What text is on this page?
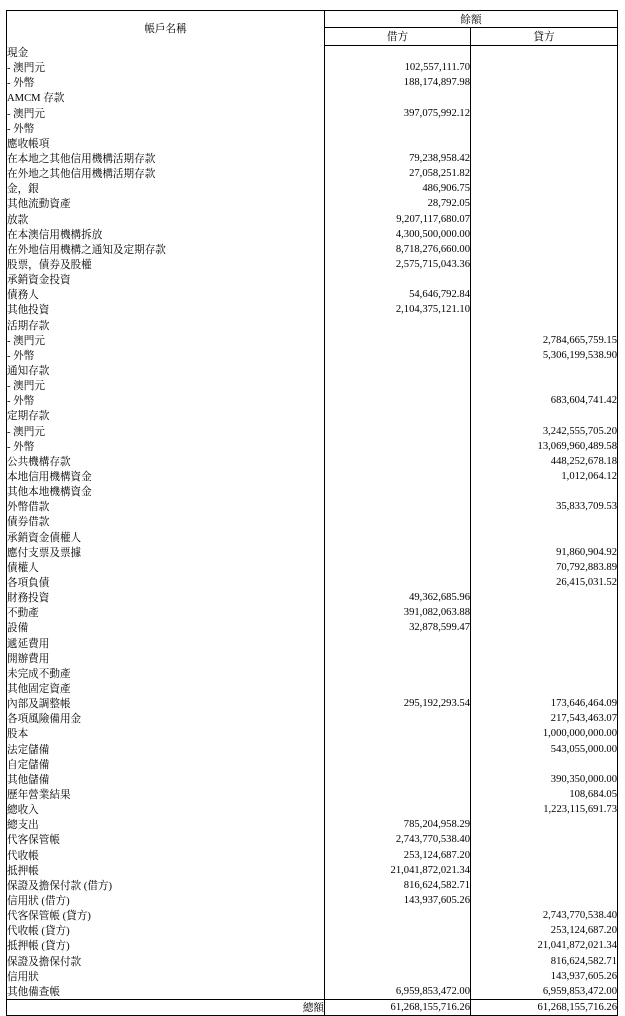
帳戶名稱	餘額	
	借方	貸方
現金		
- 澳門元	102,557,111.70	
- 外幣	188,174,897.98	
AMCM 存款		
- 澳門元	397,075,992.12	
- 外幣		
應收帳項		
在本地之其他信用機構活期存款	79,238,958.42	
在外地之其他信用機構活期存款	27,058,251.82	
金，銀	486,906.75	
其他流動資產	28,792.05	
放款	9,207,117,680.07	
在本澳信用機構拆放	4,300,500,000.00	
在外地信用機構之通知及定期存款	8,718,276,660.00	
股票，債券及股權	2,575,715,043.36	
承銷資金投資		
債務人	54,646,792.84	
其他投資	2,104,375,121.10	
活期存款		
- 澳門元		2,784,665,759.15
- 外幣		5,306,199,538.90
通知存款		
- 澳門元		
- 外幣		683,604,741.42
定期存款		
- 澳門元		3,242,555,705.20
- 外幣		13,069,960,489.58
公共機構存款		448,252,678.18
本地信用機構資金		1,012,064.12
其他本地機構資金		
外幣借款		35,833,709.53
債券借款		
承銷資金債權人		
應付支票及票據		91,860,904.92
債權人		70,792,883.89
各項負債		26,415,031.52
財務投資	49,362,685.96	
不動產	391,082,063.88	
設備	32,878,599.47	
遞延費用		
開辦費用		
未完成不動產		
其他固定資產		
內部及調整帳	295,192,293.54	173,646,464.09
各項風險備用金		217,543,463.07
股本		1,000,000,000.00
法定儲備		543,055,000.00
自定儲備		
其他儲備		390,350,000.00
歷年營業結果		108,684.05
總收入		1,223,115,691.73
總支出	785,204,958.29	
代客保管帳	2,743,770,538.40	
代收帳	253,124,687.20	
抵押帳	21,041,872,021.34	
保證及擔保付款 (借方)	816,624,582.71	
信用狀 (借方)	143,937,605.26	
代客保管帳 (貸方)		2,743,770,538.40
代收帳 (貸方)		253,124,687.20
抵押帳 (貸方)		21,041,872,021.34
保證及擔保付款		816,624,582.71
信用狀		143,937,605.26
其他備查帳	6,959,853,472.00	6,959,853,472.00
總額	61,268,155,716.26	61,268,155,716.26
